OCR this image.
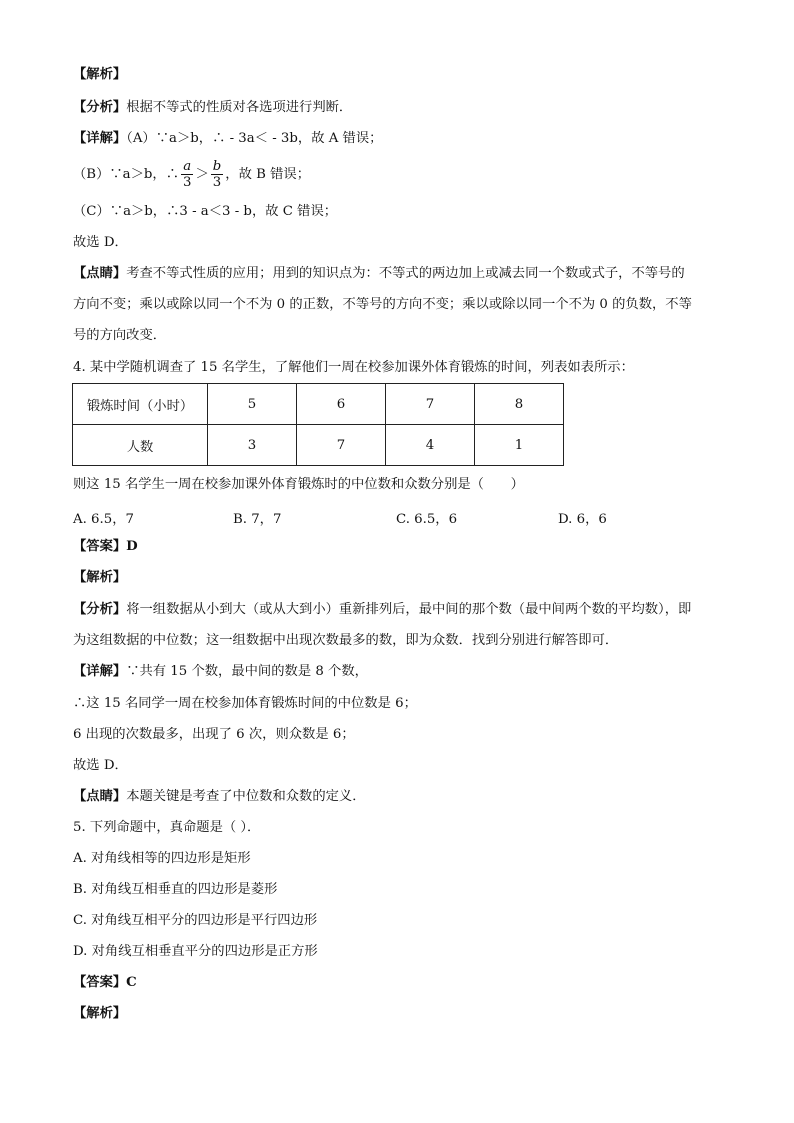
【解析】
【分析】根据不等式的性质对各选项进行判断．
【详解】（A）∵a＞b，∴ - 3a＜ - 3b，故 A 错误；
（B）∵a＞b，∴ $\frac{a}{3} > \frac{b}{3}$ ，故 B 错误；
（C）∵a＞b，∴3 - a＜3 - b，故 C 错误；
故选 D．
【点睛】考查不等式性质的应用；用到的知识点为：不等式的两边加上或减去同一个数或式子，不等号的
方向不变；乘以或除以同一个不为 0 的正数，不等号的方向不变；乘以或除以同一个不为 0 的负数，不等
号的方向改变．
4. 某中学随机调查了 15 名学生，了解他们一周在校参加课外体育锻炼的时间，列表如表所示：
锻炼时间（小时）	5	6	7	8
人数	3	7	4	1
则这 15 名学生一周在校参加课外体育锻炼时的中位数和众数分别是（　　）
A. 6.5，7	B. 7，7	C. 6.5，6	D. 6，6
【答案】D
【解析】
【分析】将一组数据从小到大（或从大到小）重新排列后，最中间的那个数（最中间两个数的平均数），即
为这组数据的中位数；这一组数据中出现次数最多的数，即为众数．找到分别进行解答即可．
【详解】∵共有 15 个数，最中间的数是 8 个数，
∴这 15 名同学一周在校参加体育锻炼时间的中位数是 6；
6 出现的次数最多，出现了 6 次，则众数是 6；
故选 D．
【点睛】本题关键是考查了中位数和众数的定义．
5. 下列命题中，真命题是（ ）．
A. 对角线相等的四边形是矩形
B. 对角线互相垂直的四边形是菱形
C. 对角线互相平分的四边形是平行四边形
D. 对角线互相垂直平分的四边形是正方形
【答案】C
【解析】
